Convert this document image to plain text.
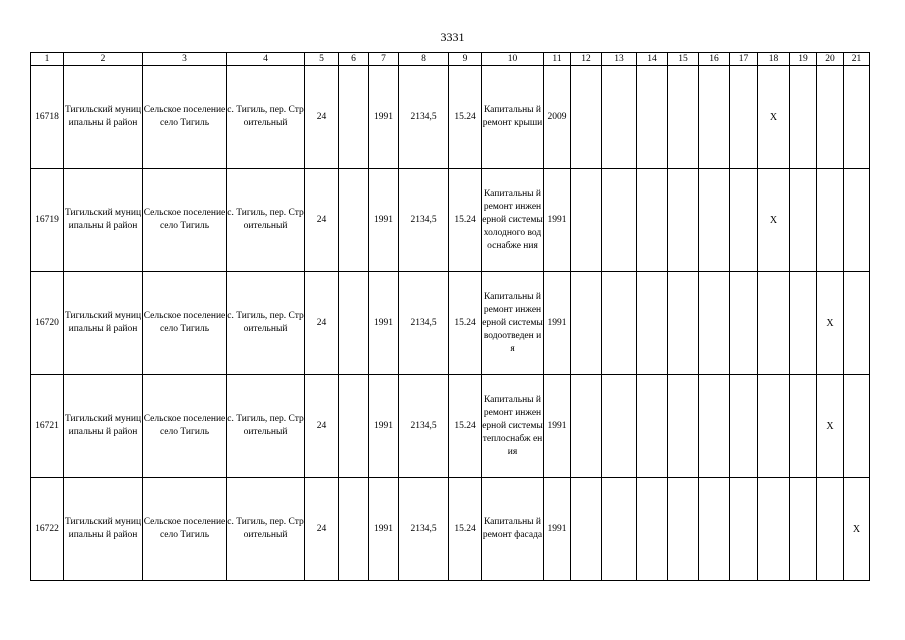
3331
1	2	3	4	5	6	7	8	9	10	11	12	13	14	15	16	17	18	19	20	21
16718	Тигильский муниципальны й район	Сельское поселение село Тигиль	с. Тигиль, пер. Строительный	24		1991	2134,5	15.24	Капитальны й ремонт крыши	2009							X			
16719	Тигильский муниципальны й район	Сельское поселение село Тигиль	с. Тигиль, пер. Строительный	24		1991	2134,5	15.24	Капитальны й ремонт инженерной системы холодного водоснабже ния	1991							X			
16720	Тигильский муниципальны й район	Сельское поселение село Тигиль	с. Тигиль, пер. Строительный	24		1991	2134,5	15.24	Капитальны й ремонт инженерной системы водоотведен ия	1991									X	
16721	Тигильский муниципальны й район	Сельское поселение село Тигиль	с. Тигиль, пер. Строительный	24		1991	2134,5	15.24	Капитальны й ремонт инженерной системы теплоснабж ения	1991									X	
16722	Тигильский муниципальны й район	Сельское поселение село Тигиль	с. Тигиль, пер. Строительный	24		1991	2134,5	15.24	Капитальны й ремонт фасада	1991										X
